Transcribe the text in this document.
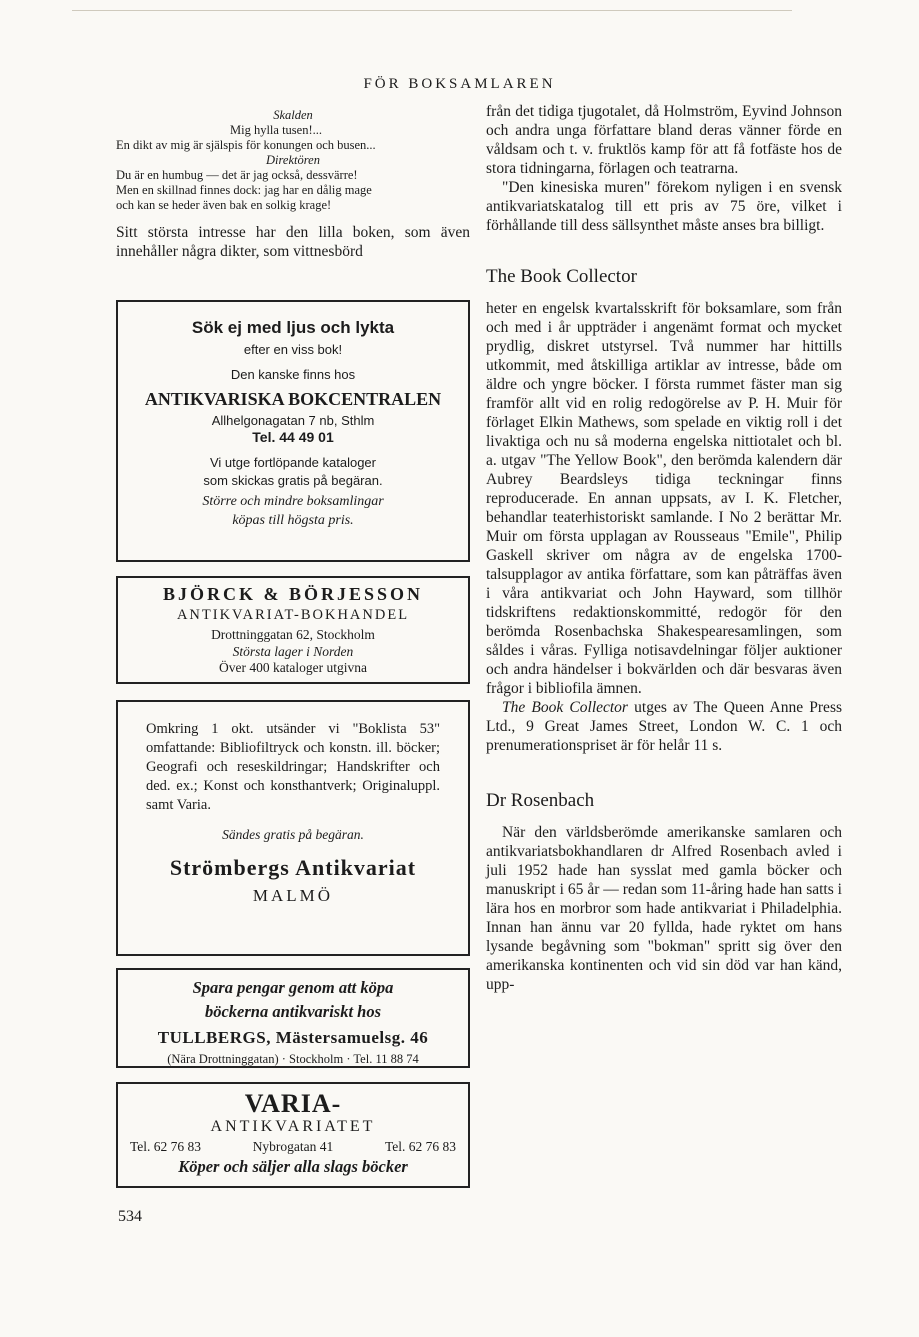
FÖR BOKSAMLAREN
Skalden
Mig hylla tusen!...
En dikt av mig är själspis för konungen och busen...
Direktören
Du är en humbug — det är jag också, dessvärre!
Men en skillnad finnes dock: jag har en dålig mage
och kan se heder även bak en solkig krage!

Sitt största intresse har den lilla boken, som även innehåller några dikter, som vittnesbörd

Sök ej med ljus och lykta
efter en viss bok!
Den kanske finns hos
ANTIKVARISKA BOKCENTRALEN
Allhelgonagatan 7 nb, Sthlm
Tel. 44 49 01
Vi utge fortlöpande kataloger
som skickas gratis på begäran.
Större och mindre boksamlingar
köpas till högsta pris.
BJÖRCK & BÖRJESSON
ANTIKVARIAT-BOKHANDEL
Drottninggatan 62, Stockholm
Största lager i Norden
Över 400 kataloger utgivna
Omkring 1 okt. utsänder vi "Boklista 53" omfattande: Bibliofiltryck och konstn. ill. böcker; Geografi och reseskildringar; Handskrifter och ded. ex.; Konst och konsthantverk; Originaluppl. samt Varia.
Sändes gratis på begäran.
Strömbergs Antikvariat
MALMÖ
Spara pengar genom att köpa
böckerna antikvariskt hos
TULLBERGS, Mästersamuelsg. 46
(Nära Drottninggatan) · Stockholm · Tel. 11 88 74
VARIA-
ANTIKVARIATET
Tel. 62 76 83	Nybrogatan 41	Tel. 62 76 83
Köper och säljer alla slags böcker

från det tidiga tjugotalet, då Holmström, Eyvind Johnson och andra unga författare bland deras vänner förde en våldsam och t. v. fruktlös kamp för att få fotfäste hos de stora tidningarna, förlagen och teatrarna.

"Den kinesiska muren" förekom nyligen i en svensk antikvariatskatalog till ett pris av 75 öre, vilket i förhållande till dess sällsynthet måste anses bra billigt.

The Book Collector

heter en engelsk kvartalsskrift för boksamlare, som från och med i år uppträder i angenämt format och mycket prydlig, diskret utstyrsel. Två nummer har hittills utkommit, med åtskilliga artiklar av intresse, både om äldre och yngre böcker. I första rummet fäster man sig framför allt vid en rolig redogörelse av P. H. Muir för förlaget Elkin Mathews, som spelade en viktig roll i det livaktiga och nu så moderna engelska nittiotalet och bl. a. utgav "The Yellow Book", den berömda kalendern där Aubrey Beardsleys tidiga teckningar finns reproducerade. En annan uppsats, av I. K. Fletcher, behandlar teaterhistoriskt samlande. I No 2 berättar Mr. Muir om första upplagan av Rousseaus "Emile", Philip Gaskell skriver om några av de engelska 1700-talsupplagor av antika författare, som kan påträffas även i våra antikvariat och John Hayward, som tillhör tidskriftens redaktionskommitté, redogör för den berömda Rosenbachska Shakespearesamlingen, som såldes i våras. Fylliga notisavdelningar följer auktioner och andra händelser i bokvärlden och där besvaras även frågor i bibliofila ämnen.

The Book Collector utges av The Queen Anne Press Ltd., 9 Great James Street, London W. C. 1 och prenumerationspriset är för helår 11 s.

Dr Rosenbach

När den världsberömde amerikanske samlaren och antikvariatsbokhandlaren dr Alfred Rosenbach avled i juli 1952 hade han sysslat med gamla böcker och manuskript i 65 år — redan som 11-åring hade han satts i lära hos en morbror som hade antikvariat i Philadelphia. Innan han ännu var 20 fyllda, hade ryktet om hans lysande begåvning som "bokman" spritt sig över den amerikanska kontinenten och vid sin död var han känd, upp-

534
